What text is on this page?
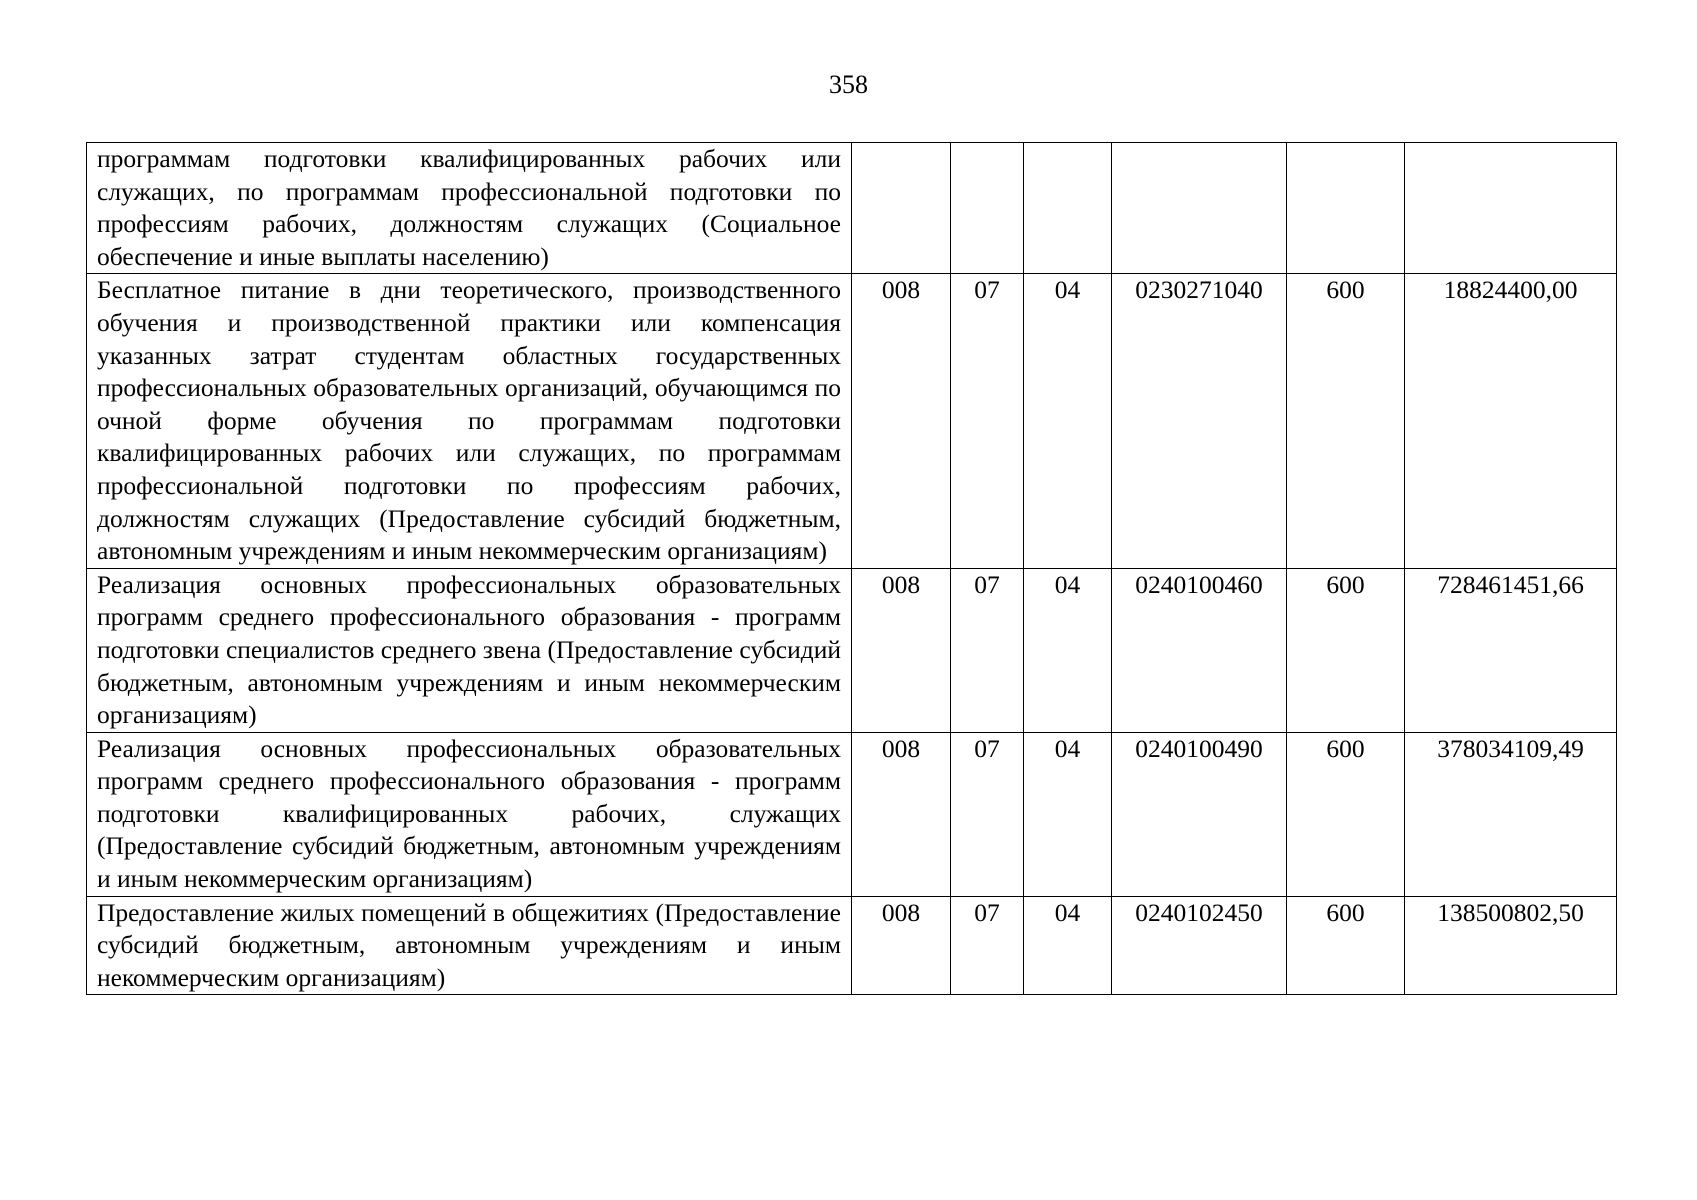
358
программам подготовки квалифицированных рабочих или служащих, по программам профессиональной подготовки по профессиям рабочих, должностям служащих (Социальное обеспечение и иные выплаты населению)						
Бесплатное питание в дни теоретического, производственного обучения и производственной практики или компенсация указанных затрат студентам областных государственных профессиональных образовательных организаций, обучающимся по очной форме обучения по программам подготовки квалифицированных рабочих или служащих, по программам профессиональной подготовки по профессиям рабочих, должностям служащих (Предоставление субсидий бюджетным, автономным учреждениям и иным некоммерческим организациям)	008	07	04	0230271040	600	18824400,00
Реализация основных профессиональных образовательных программ среднего профессионального образования - программ подготовки специалистов среднего звена (Предоставление субсидий бюджетным, автономным учреждениям и иным некоммерческим организациям)	008	07	04	0240100460	600	728461451,66
Реализация основных профессиональных образовательных программ среднего профессионального образования - программ подготовки квалифицированных рабочих, служащих (Предоставление субсидий бюджетным, автономным учреждениям и иным некоммерческим организациям)	008	07	04	0240100490	600	378034109,49
Предоставление жилых помещений в общежитиях (Предоставление субсидий бюджетным, автономным учреждениям и иным некоммерческим организациям)	008	07	04	0240102450	600	138500802,50
